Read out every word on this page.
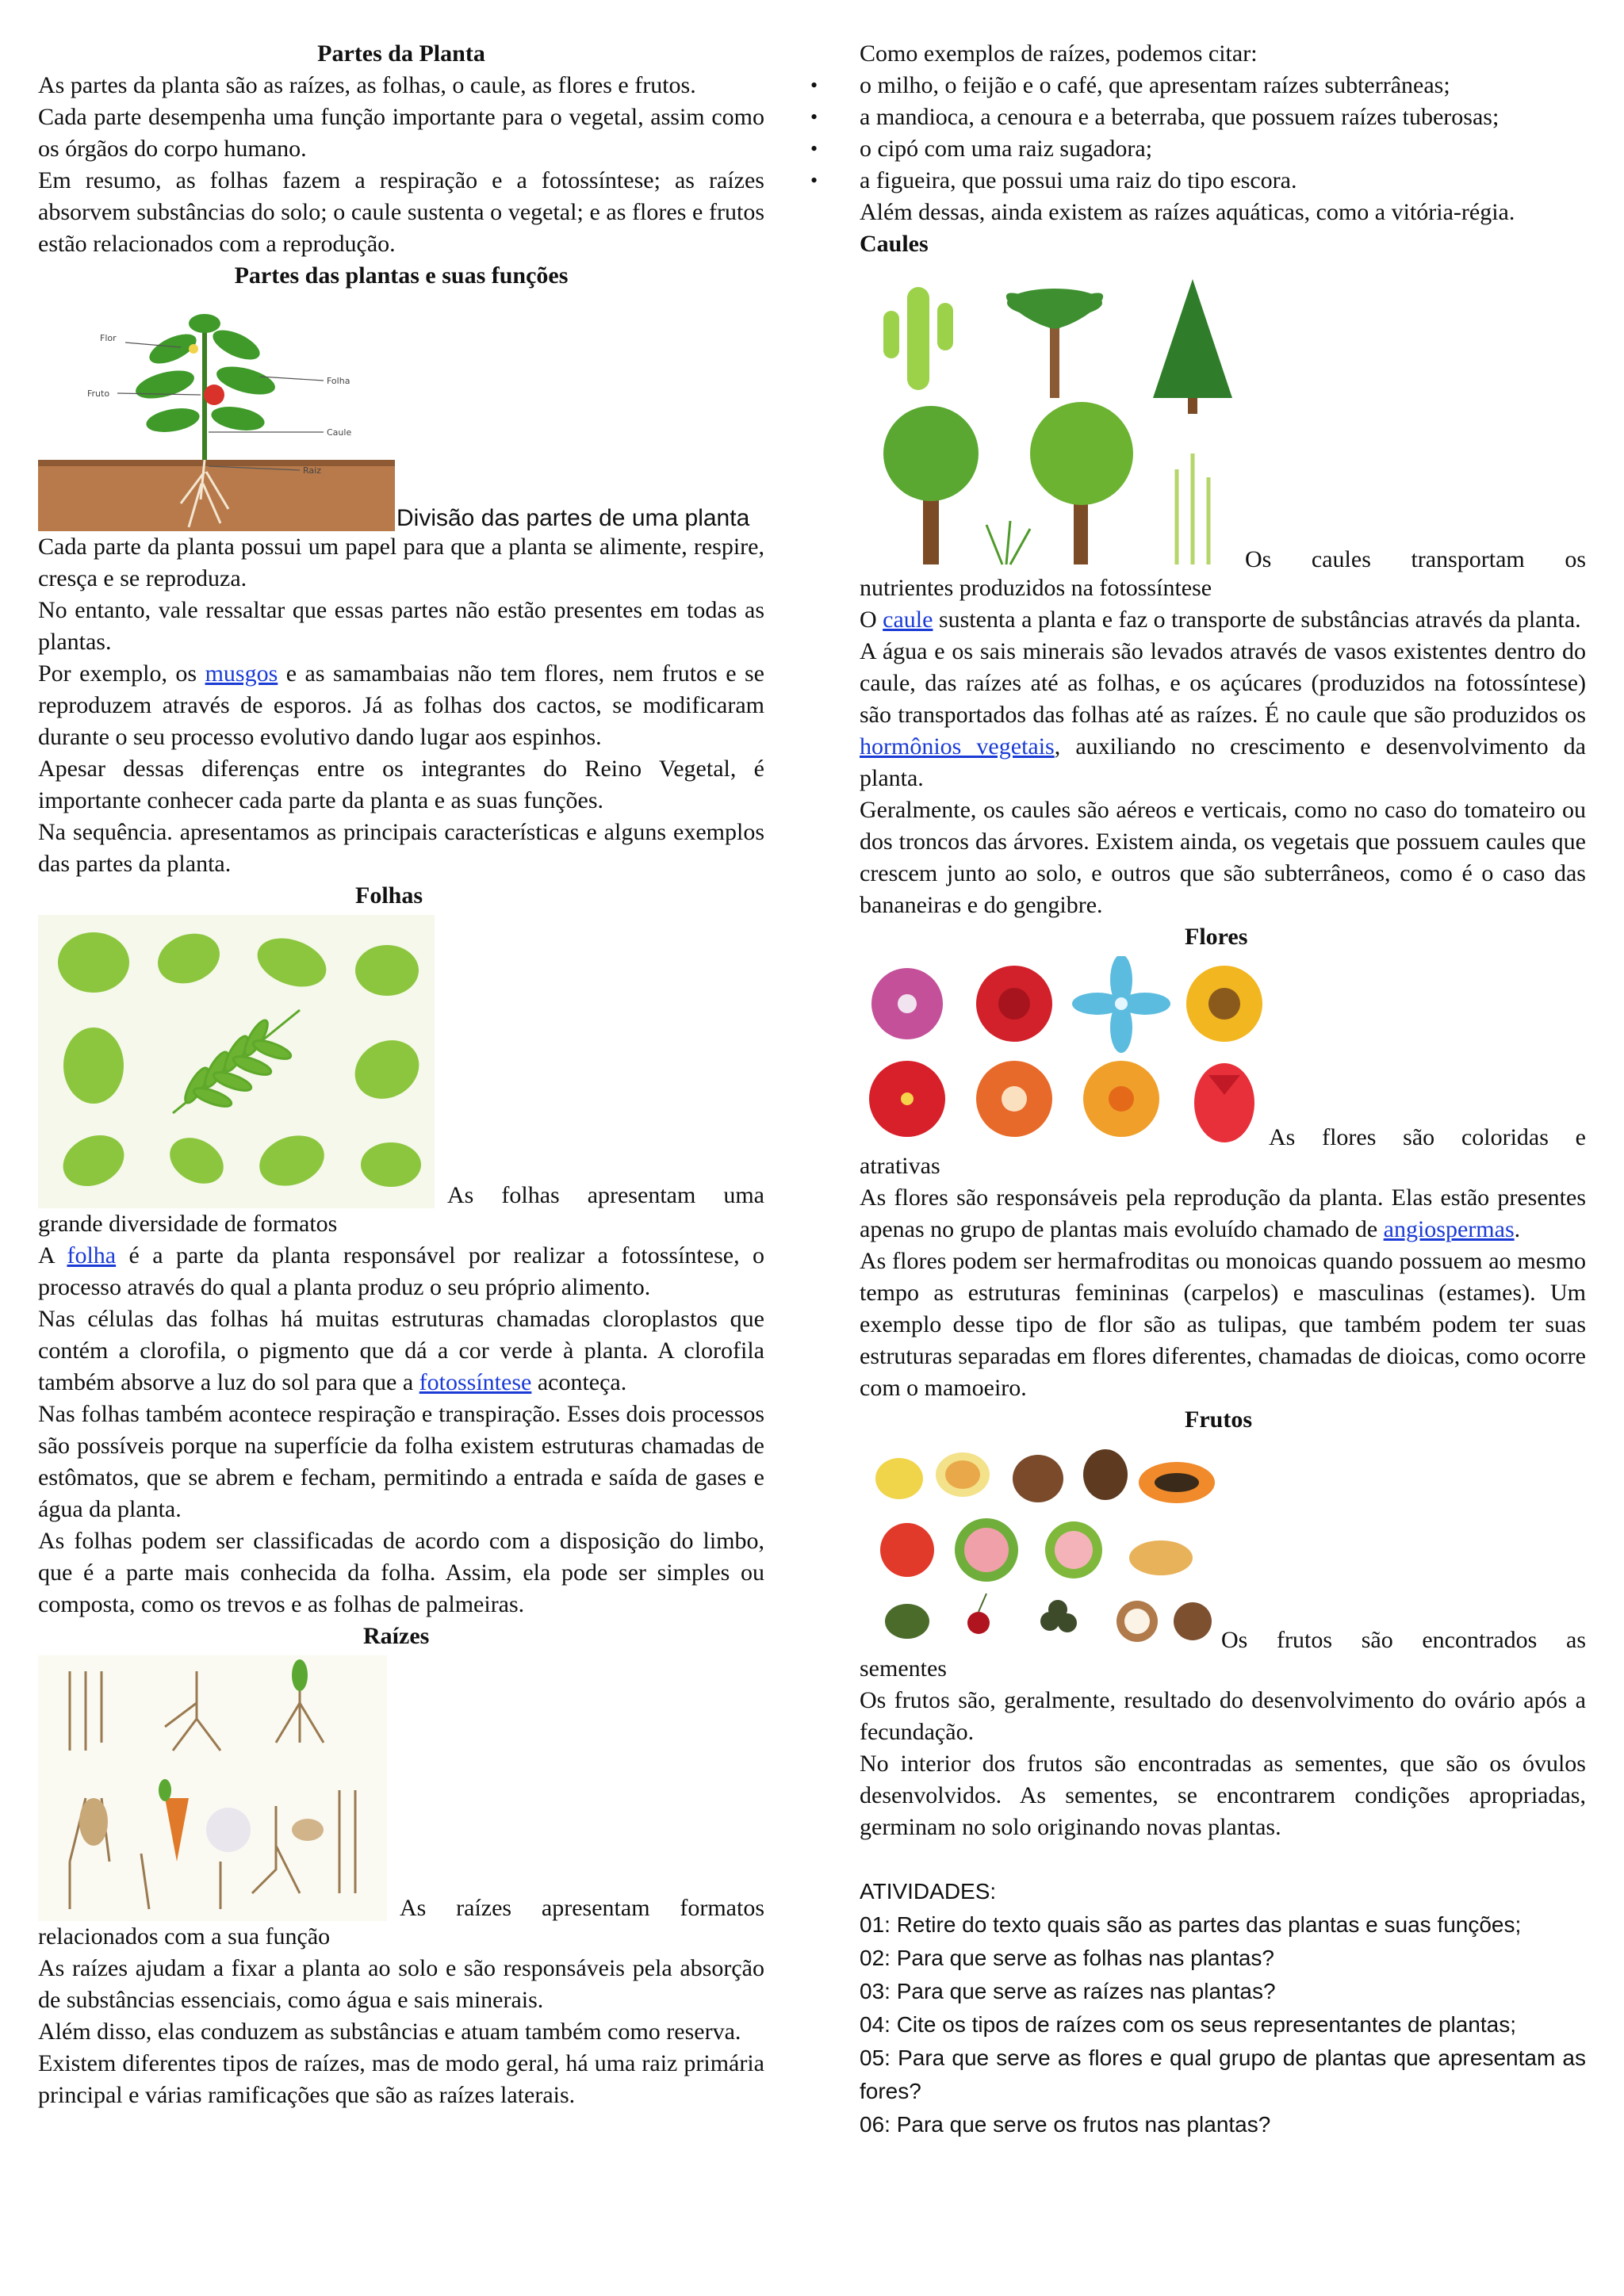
Partes da Planta

As partes da planta são as raízes, as folhas, o caule, as flores e frutos.

Cada parte desempenha uma função importante para o vegetal, assim como os órgãos do corpo humano.

Em resumo, as folhas fazem a respiração e a fotossíntese; as raízes absorvem substâncias do solo; o caule sustenta o vegetal; e as flores e frutos estão relacionados com a reprodução.

Partes das plantas e suas funções

Flor
Fruto
Folha
Caule
Raiz
Divisão das partes de uma planta

Cada parte da planta possui um papel para que a planta se alimente, respire, cresça e se reproduza.

No entanto, vale ressaltar que essas partes não estão presentes em todas as plantas.

Por exemplo, os musgos e as samambaias não tem flores, nem frutos e se reproduzem através de esporos. Já as folhas dos cactos, se modificaram durante o seu processo evolutivo dando lugar aos espinhos.

Apesar dessas diferenças entre os integrantes do Reino Vegetal, é importante conhecer cada parte da planta e as suas funções.

Na sequência. apresentamos as principais características e alguns exemplos das partes da planta.

Folhas

As folhas apresentam uma

grande diversidade de formatos

A folha é a parte da planta responsável por realizar a fotossíntese, o processo através do qual a planta produz o seu próprio alimento.

Nas células das folhas há muitas estruturas chamadas cloroplastos que contém a clorofila, o pigmento que dá a cor verde à planta. A clorofila também absorve a luz do sol para que a fotossíntese aconteça.

Nas folhas também acontece respiração e transpiração. Esses dois processos são possíveis porque na superfície da folha existem estruturas chamadas de estômatos, que se abrem e fecham, permitindo a entrada e saída de gases e água da planta.

As folhas podem ser classificadas de acordo com a disposição do limbo, que é a parte mais conhecida da folha. Assim, ela pode ser simples ou composta, como os trevos e as folhas de palmeiras.

Raízes

As raízes apresentam formatos

relacionados com a sua função

As raízes ajudam a fixar a planta ao solo e são responsáveis pela absorção de substâncias essenciais, como água e sais minerais.

Além disso, elas conduzem as substâncias e atuam também como reserva.

Existem diferentes tipos de raízes, mas de modo geral, há uma raiz primária principal e várias ramificações que são as raízes laterais.

Como exemplos de raízes, podemos citar:

• o milho, o feijão e o café, que apresentam raízes subterrâneas;
• a mandioca, a cenoura e a beterraba, que possuem raízes tuberosas;
• o cipó com uma raiz sugadora;
• a figueira, que possui uma raiz do tipo escora.

Além dessas, ainda existem as raízes aquáticas, como a vitória-régia.

Caules

Os caules transportam os

nutrientes produzidos na fotossíntese

O caule sustenta a planta e faz o transporte de substâncias através da planta.

A água e os sais minerais são levados através de vasos existentes dentro do caule, das raízes até as folhas, e os açúcares (produzidos na fotossíntese) são transportados das folhas até as raízes. É no caule que são produzidos os hormônios vegetais, auxiliando no crescimento e desenvolvimento da planta.

Geralmente, os caules são aéreos e verticais, como no caso do tomateiro ou dos troncos das árvores. Existem ainda, os vegetais que possuem caules que crescem junto ao solo, e outros que são subterrâneos, como é o caso das bananeiras e do gengibre.

Flores

As flores são coloridas e

atrativas

As flores são responsáveis pela reprodução da planta. Elas estão presentes apenas no grupo de plantas mais evoluído chamado de angiospermas.

As flores podem ser hermafroditas ou monoicas quando possuem ao mesmo tempo as estruturas femininas (carpelos) e masculinas (estames). Um exemplo desse tipo de flor são as tulipas, que também podem ter suas estruturas separadas em flores diferentes, chamadas de dioicas, como ocorre com o mamoeiro.

Frutos

Os frutos são encontrados as

sementes

Os frutos são, geralmente, resultado do desenvolvimento do ovário após a fecundação.

No interior dos frutos são encontradas as sementes, que são os óvulos desenvolvidos. As sementes, se encontrarem condições apropriadas, germinam no solo originando novas plantas.

ATIVIDADES:

01: Retire do texto quais são as partes das plantas e suas funções;

02: Para que serve as folhas nas plantas?

03: Para que serve as raízes nas plantas?

04: Cite os tipos de raízes com os seus representantes de plantas;

05: Para que serve as flores e qual grupo de plantas que apresentam as fores?

06: Para que serve os frutos nas plantas?
